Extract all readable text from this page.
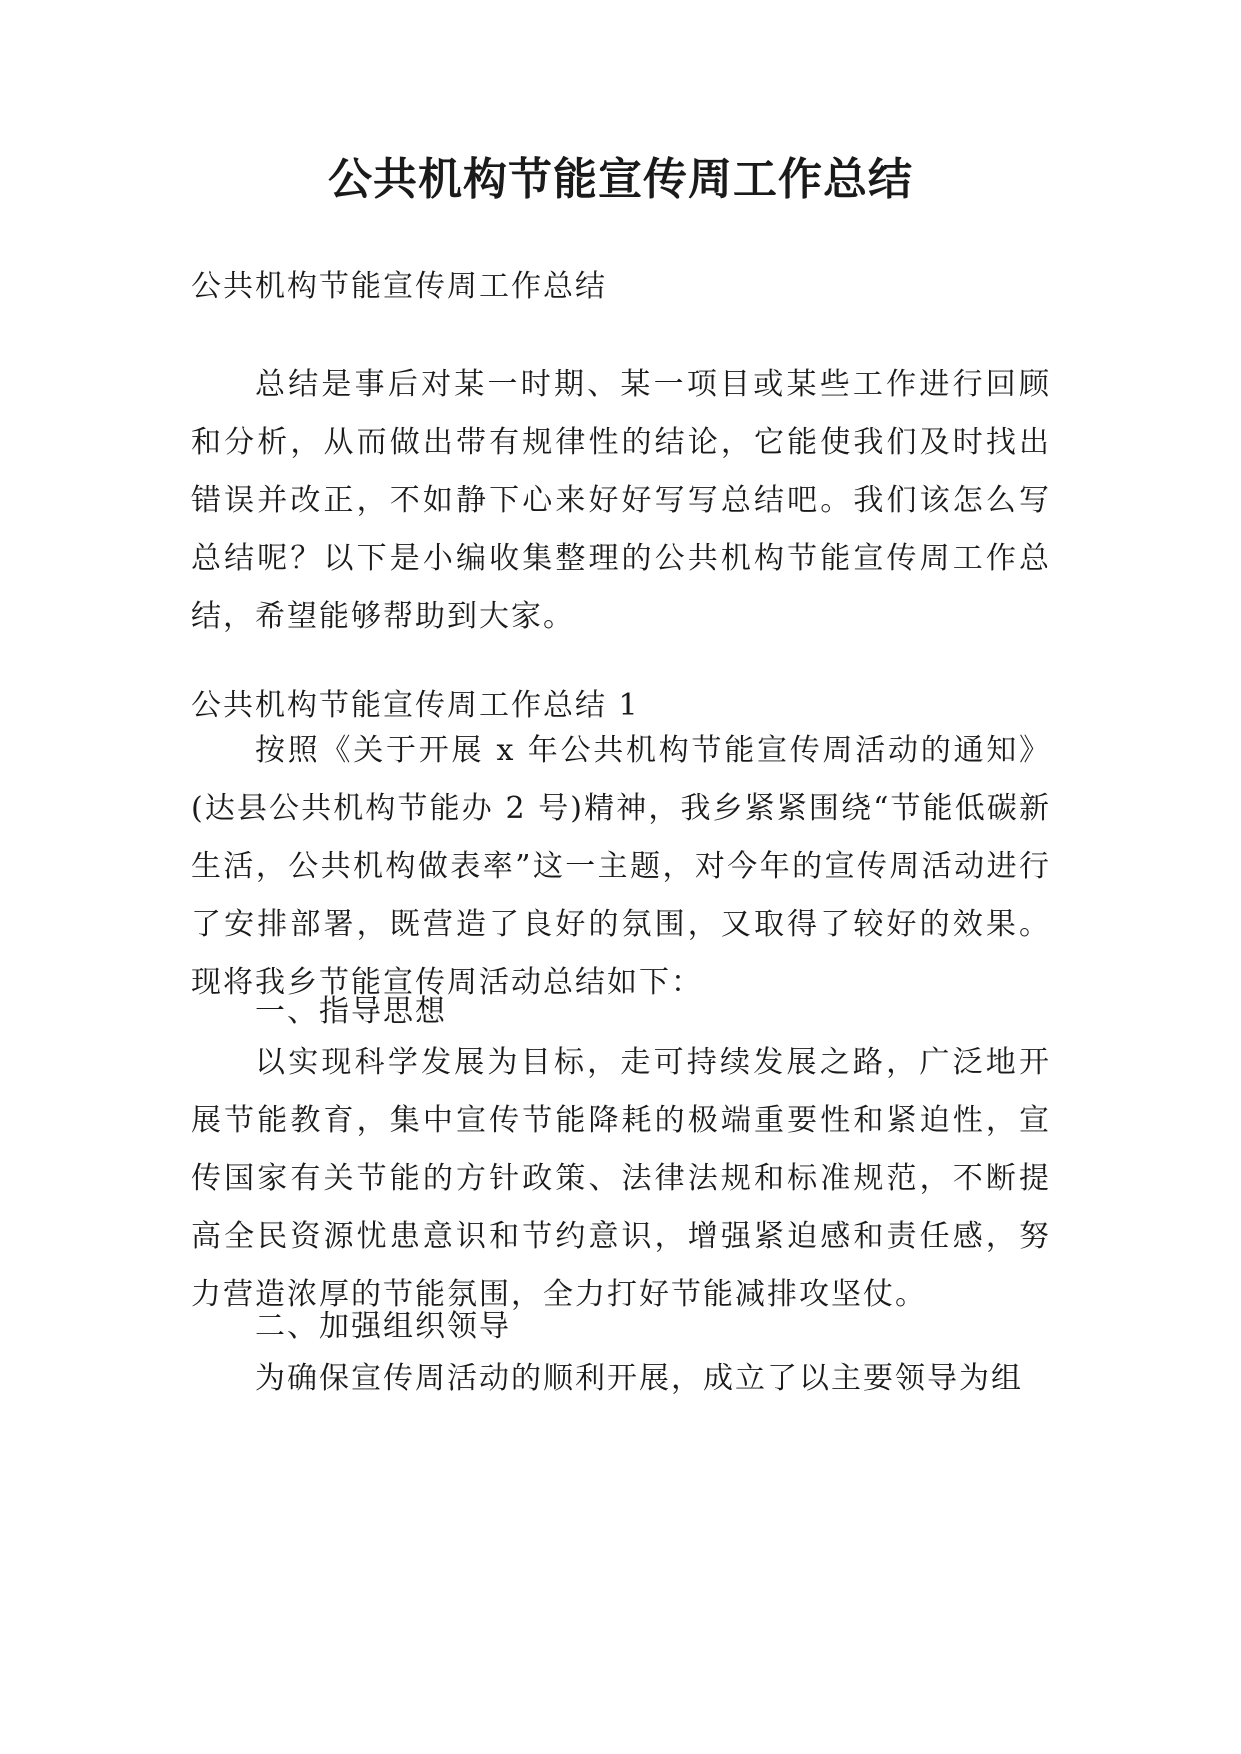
公共机构节能宣传周工作总结

公共机构节能宣传周工作总结

总结是事后对某一时期、某一项目或某些工作进行回顾和分析，从而做出带有规律性的结论，它能使我们及时找出错误并改正，不如静下心来好好写写总结吧。我们该怎么写总结呢？以下是小编收集整理的公共机构节能宣传周工作总结，希望能够帮助到大家。

公共机构节能宣传周工作总结 1

按照《关于开展 x 年公共机构节能宣传周活动的通知》(达县公共机构节能办 2 号)精神，我乡紧紧围绕“节能低碳新生活，公共机构做表率”这一主题，对今年的宣传周活动进行了安排部署，既营造了良好的氛围，又取得了较好的效果。现将我乡节能宣传周活动总结如下：

一、指导思想

以实现科学发展为目标，走可持续发展之路，广泛地开展节能教育，集中宣传节能降耗的极端重要性和紧迫性，宣传国家有关节能的方针政策、法律法规和标准规范，不断提高全民资源忧患意识和节约意识，增强紧迫感和责任感，努力营造浓厚的节能氛围，全力打好节能减排攻坚仗。

二、加强组织领导

为确保宣传周活动的顺利开展，成立了以主要领导为组
